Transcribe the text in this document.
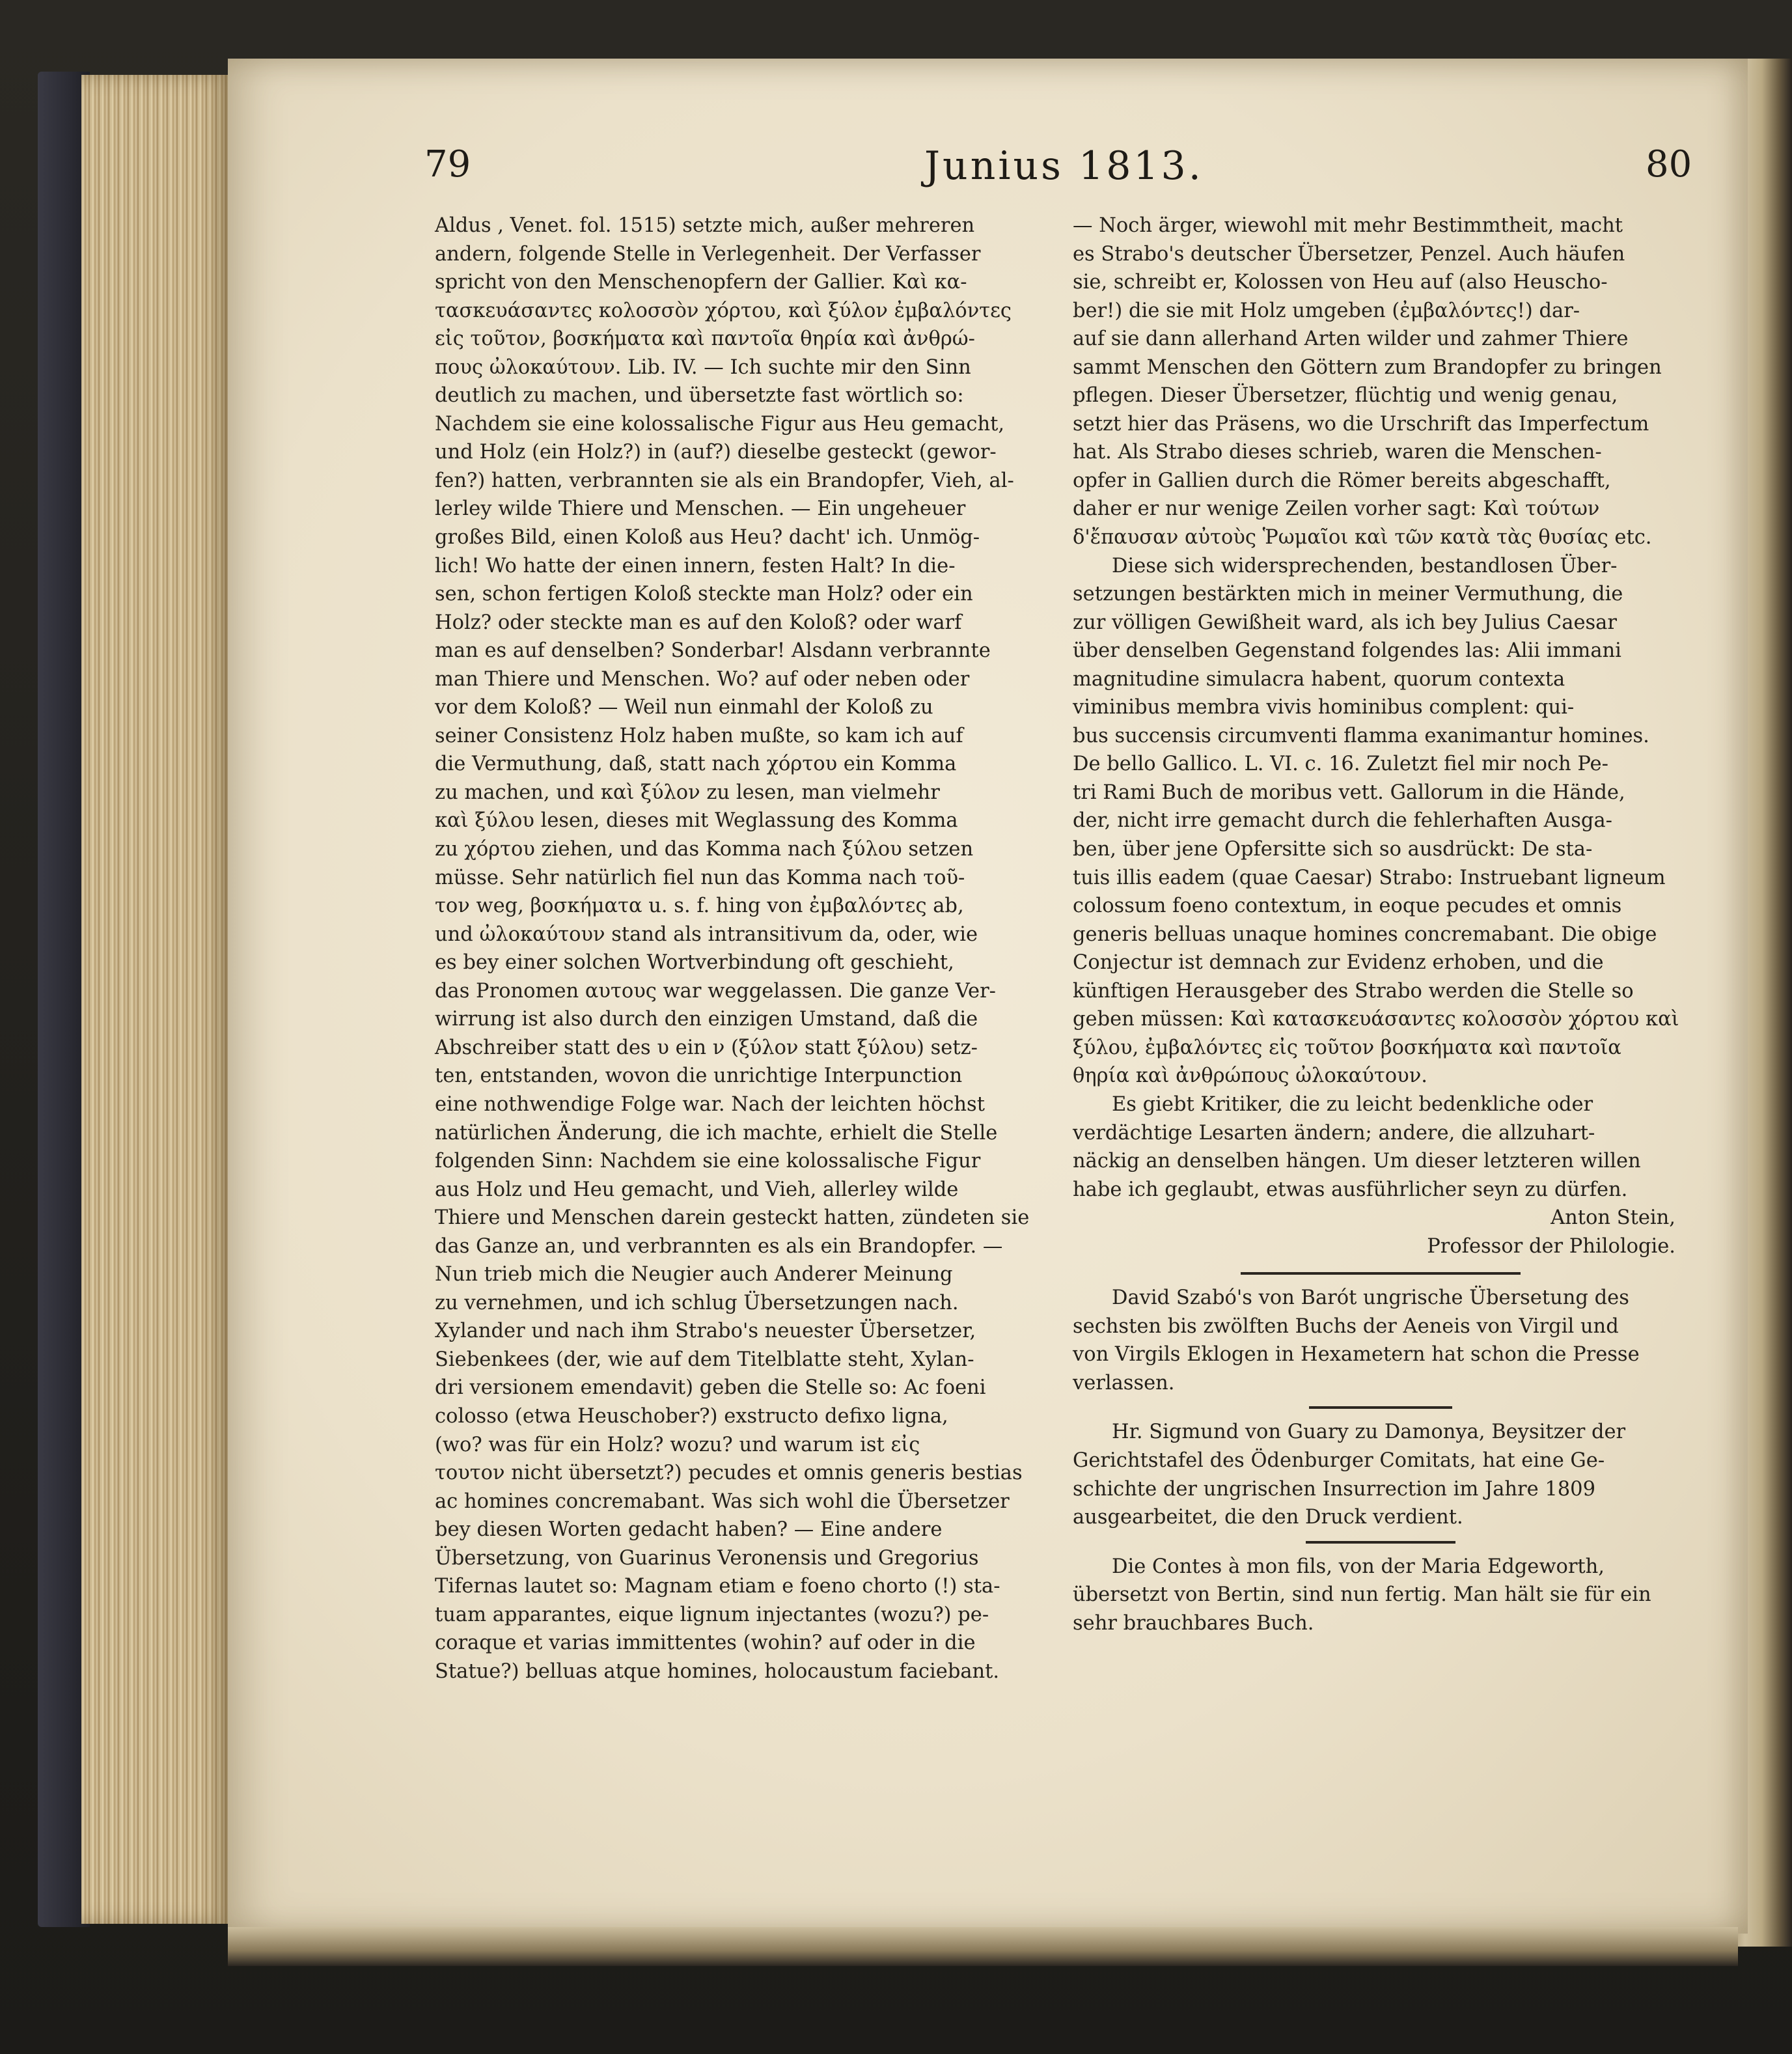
79	Junius 1813.	80
Aldus , Venet. fol. 1515) setzte mich, außer mehreren
andern, folgende Stelle in Verlegenheit. Der Verfasser
spricht von den Menschenopfern der Gallier. Καὶ κα-
τασκευάσαντες κολοσσὸν χόρτου, καὶ ξύλον ἐμβαλόντες
εἰς τοῦτον, βοσκήματα καὶ παντοῖα θηρία καὶ ἀνθρώ-
πους ὠλοκαύτουν. Lib. IV. — Ich suchte mir den Sinn
deutlich zu machen, und übersetzte fast wörtlich so:
Nachdem sie eine kolossalische Figur aus Heu gemacht,
und Holz (ein Holz?) in (auf?) dieselbe gesteckt (gewor-
fen?) hatten, verbrannten sie als ein Brandopfer, Vieh, al-
lerley wilde Thiere und Menschen. — Ein ungeheuer
großes Bild, einen Koloß aus Heu? dacht' ich. Unmög-
lich! Wo hatte der einen innern, festen Halt? In die-
sen, schon fertigen Koloß steckte man Holz? oder ein
Holz? oder steckte man es auf den Koloß? oder warf
man es auf denselben? Sonderbar! Alsdann verbrannte
man Thiere und Menschen. Wo? auf oder neben oder
vor dem Koloß? — Weil nun einmahl der Koloß zu
seiner Consistenz Holz haben mußte, so kam ich auf
die Vermuthung, daß, statt nach χόρτου ein Komma
zu machen, und καὶ ξύλον zu lesen, man vielmehr
καὶ ξύλου lesen, dieses mit Weglassung des Komma
zu χόρτου ziehen, und das Komma nach ξύλου setzen
müsse. Sehr natürlich fiel nun das Komma nach τοῦ-
τον weg, βοσκήματα u. s. f. hing von ἐμβαλόντες ab,
und ὠλοκαύτουν stand als intransitivum da, oder, wie
es bey einer solchen Wortverbindung oft geschieht,
das Pronomen αυτους war weggelassen. Die ganze Ver-
wirrung ist also durch den einzigen Umstand, daß die
Abschreiber statt des υ ein ν (ξύλον statt ξύλου) setz-
ten, entstanden, wovon die unrichtige Interpunction
eine nothwendige Folge war. Nach der leichten höchst
natürlichen Änderung, die ich machte, erhielt die Stelle
folgenden Sinn: Nachdem sie eine kolossalische Figur
aus Holz und Heu gemacht, und Vieh, allerley wilde
Thiere und Menschen darein gesteckt hatten, zündeten sie
das Ganze an, und verbrannten es als ein Brandopfer. —
Nun trieb mich die Neugier auch Anderer Meinung
zu vernehmen, und ich schlug Übersetzungen nach.
Xylander und nach ihm Strabo's neuester Übersetzer,
Siebenkees (der, wie auf dem Titelblatte steht, Xylan-
dri versionem emendavit) geben die Stelle so: Ac foeni
colosso (etwa Heuschober?) exstructo defixo ligna,
(wo? was für ein Holz? wozu? und warum ist εἰς
τουτον nicht übersetzt?) pecudes et omnis generis bestias
ac homines concremabant. Was sich wohl die Übersetzer
bey diesen Worten gedacht haben? — Eine andere
Übersetzung, von Guarinus Veronensis und Gregorius
Tifernas lautet so: Magnam etiam e foeno chorto (!) sta-
tuam apparantes, eique lignum injectantes (wozu?) pe-
coraque et varias immittentes (wohin? auf oder in die
Statue?) belluas atque homines, holocaustum faciebant.
— Noch ärger, wiewohl mit mehr Bestimmtheit, macht
es Strabo's deutscher Übersetzer, Penzel. Auch häufen
sie, schreibt er, Kolossen von Heu auf (also Heuscho-
ber!) die sie mit Holz umgeben (ἐμβαλόντες!) dar-
auf sie dann allerhand Arten wilder und zahmer Thiere
sammt Menschen den Göttern zum Brandopfer zu bringen
pflegen. Dieser Übersetzer, flüchtig und wenig genau,
setzt hier das Präsens, wo die Urschrift das Imperfectum
hat. Als Strabo dieses schrieb, waren die Menschen-
opfer in Gallien durch die Römer bereits abgeschafft,
daher er nur wenige Zeilen vorher sagt: Καὶ τούτων
δ'ἔπαυσαν αὐτοὺς Ῥωμαῖοι καὶ τῶν κατὰ τὰς θυσίας etc.
Diese sich widersprechenden, bestandlosen Über-
setzungen bestärkten mich in meiner Vermuthung, die
zur völligen Gewißheit ward, als ich bey Julius Caesar
über denselben Gegenstand folgendes las: Alii immani
magnitudine simulacra habent, quorum contexta
viminibus membra vivis hominibus complent: qui-
bus succensis circumventi flamma exanimantur homines.
De bello Gallico. L. VI. c. 16. Zuletzt fiel mir noch Pe-
tri Rami Buch de moribus vett. Gallorum in die Hände,
der, nicht irre gemacht durch die fehlerhaften Ausga-
ben, über jene Opfersitte sich so ausdrückt: De sta-
tuis illis eadem (quae Caesar) Strabo: Instruebant ligneum
colossum foeno contextum, in eoque pecudes et omnis
generis belluas unaque homines concremabant. Die obige
Conjectur ist demnach zur Evidenz erhoben, und die
künftigen Herausgeber des Strabo werden die Stelle so
geben müssen: Καὶ κατασκευάσαντες κολοσσὸν χόρτου καὶ
ξύλου, ἐμβαλόντες εἰς τοῦτον βοσκήματα καὶ παντοῖα
θηρία καὶ ἀνθρώπους ὠλοκαύτουν.
Es giebt Kritiker, die zu leicht bedenkliche oder
verdächtige Lesarten ändern; andere, die allzuhart-
näckig an denselben hängen. Um dieser letzteren willen
habe ich geglaubt, etwas ausführlicher seyn zu dürfen.
Anton Stein,
Professor der Philologie.
David Szabó's von Barót ungrische Übersetung des
sechsten bis zwölften Buchs der Aeneis von Virgil und
von Virgils Eklogen in Hexametern hat schon die Presse
verlassen.
Hr. Sigmund von Guary zu Damonya, Beysitzer der
Gerichtstafel des Ödenburger Comitats, hat eine Ge-
schichte der ungrischen Insurrection im Jahre 1809
ausgearbeitet, die den Druck verdient.
Die Contes à mon fils, von der Maria Edgeworth,
übersetzt von Bertin, sind nun fertig. Man hält sie für ein
sehr brauchbares Buch.
